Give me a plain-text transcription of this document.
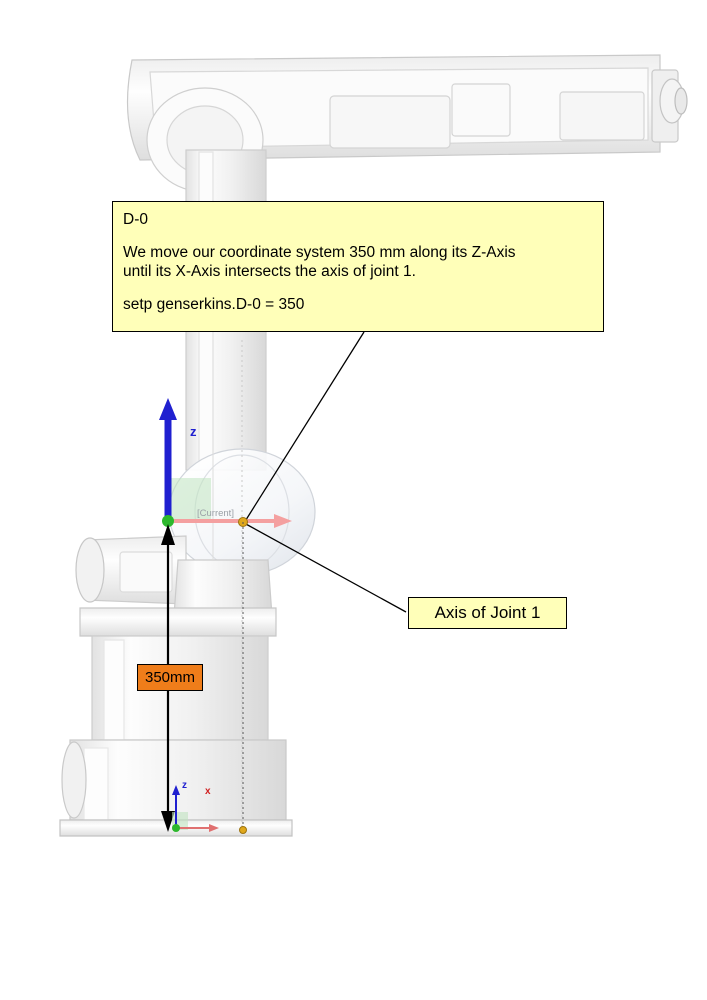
D-0
We move our coordinate system 350 mm along its Z-Axis
until its X-Axis intersects the axis of joint 1.
setp genserkins.D-0 = 350
Axis of Joint 1
350mm
z
z
x
[Current]
